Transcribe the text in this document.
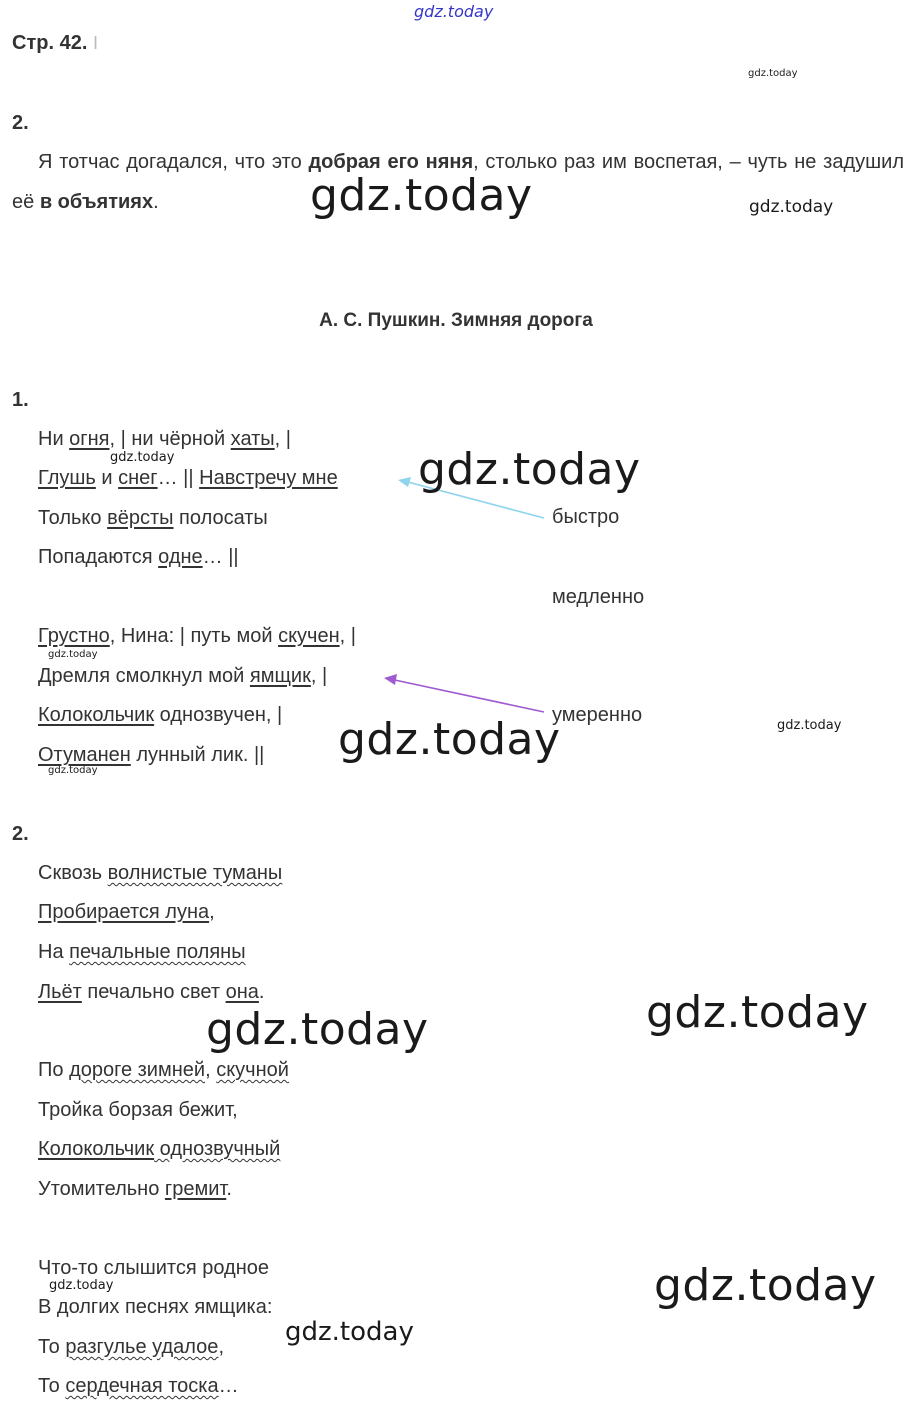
Стр. 42. I
2.
Я тотчас догадался, что это добрая его няня, столько раз им воспетая, – чуть не задушил её в объятиях.
А. С. Пушкин. Зимняя дорога
1.
Ни огня, | ни чёрной хаты, |
Глушь и снег… || Навстречу мне
Только вёрсты полосаты
Попадаются одне… ||
Грустно, Нина: | путь мой скучен, |
Дремля смолкнул мой ямщик, |
Колокольчик однозвучен, |
Отуманен лунный лик. ||
быстро
медленно
умеренно
2.
Сквозь волнистые туманы
Пробирается луна,
На печальные поляны
Льёт печально свет она.
По дороге зимней, скучной
Тройка борзая бежит,
Колокольчик однозвучный
Утомительно гремит.
Что-то слышится родное
В долгих песнях ямщика:
То разгулье удалое,
То сердечная тоска…
gdz.today
gdz.today
gdz.today	gdz.today
gdz.today	gdz.today
gdz.today
gdz.today	gdz.today
gdz.today
gdz.today
gdz.today
gdz.today
gdz.today
gdz.today
